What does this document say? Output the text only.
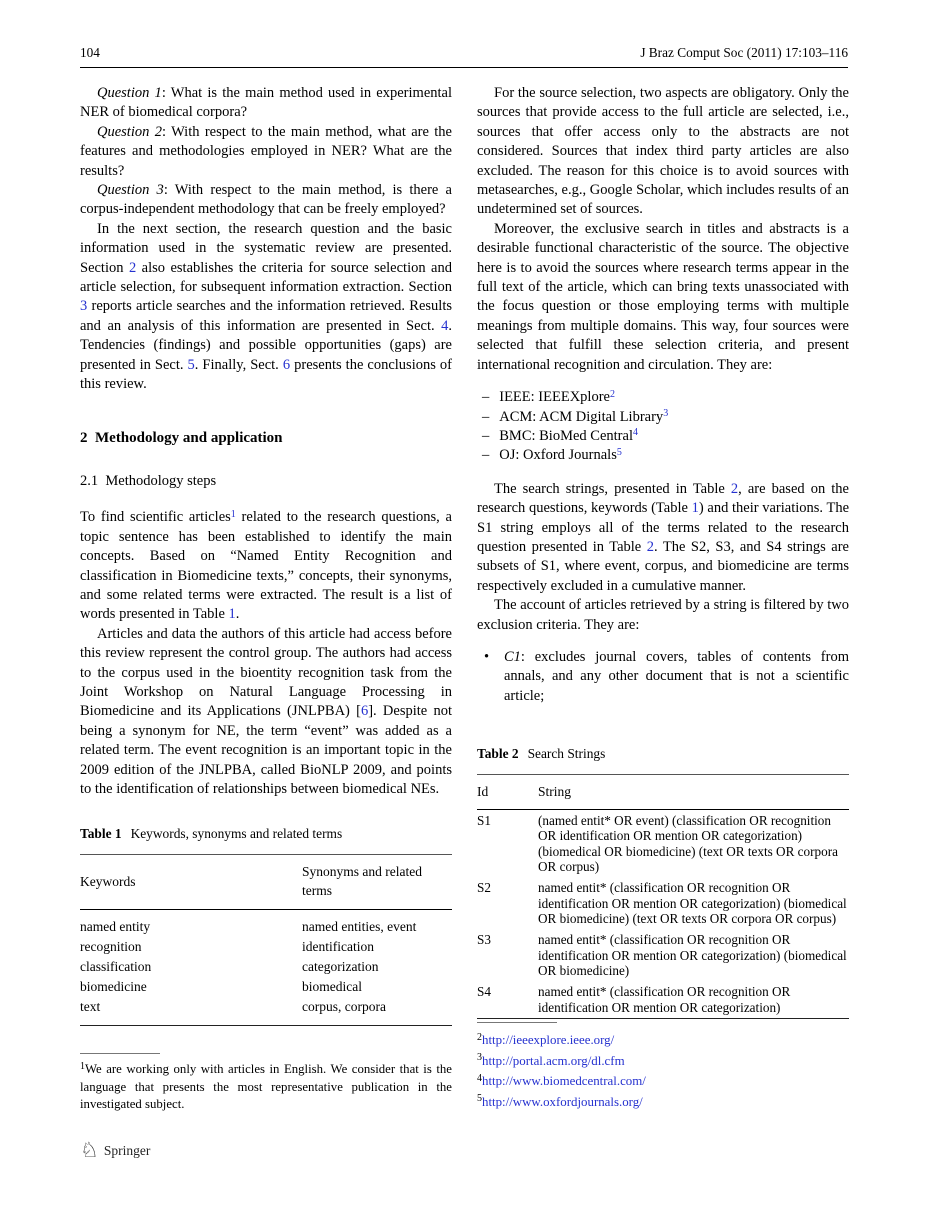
104	J Braz Comput Soc (2011) 17:103–116

Question 1: What is the main method used in experimental NER of biomedical corpora?

Question 2: With respect to the main method, what are the features and methodologies employed in NER? What are the results?

Question 3: With respect to the main method, is there a corpus-independent methodology that can be freely employed?

In the next section, the research question and the basic information used in the systematic review are presented. Section 2 also establishes the criteria for source selection and article selection, for subsequent information extraction. Section 3 reports article searches and the information retrieved. Results and an analysis of this information are presented in Sect. 4. Tendencies (findings) and possible opportunities (gaps) are presented in Sect. 5. Finally, Sect. 6 presents the conclusions of this review.

2 Methodology and application
2.1 Methodology steps

To find scientific articles$^1$ related to the research questions, a topic sentence has been established to identify the main concepts. Based on “Named Entity Recognition and classification in Biomedicine texts,” concepts, their synonyms, and some related terms were extracted. The result is a list of words presented in Table 1.

Articles and data the authors of this article had access before this review represent the control group. The authors had access to the corpus used in the bioentity recognition task from the Joint Workshop on Natural Language Processing in Biomedicine and its Applications (JNLPBA) [6]. Despite not being a synonym for NE, the term “event” was added as a related term. The event recognition is an important topic in the 2009 edition of the JNLPBA, called BioNLP 2009, and points to the identification of relationships between biomedical NEs.

Table 1 Keywords, synonyms and related terms
Keywords	Synonyms and related terms
named entity	named entities, event
recognition	identification
classification	categorization
biomedicine	biomedical
text	corpus, corpora

For the source selection, two aspects are obligatory. Only the sources that provide access to the full article are selected, i.e., sources that offer access only to the abstracts are not considered. Sources that index third party articles are also excluded. The reason for this choice is to avoid sources with metasearches, e.g., Google Scholar, which includes results of an undetermined set of sources.

Moreover, the exclusive search in titles and abstracts is a desirable functional characteristic of the source. The objective here is to avoid the sources where research terms appear in the full text of the article, which can bring texts unassociated with the focus question or those employing terms with multiple meanings from multiple domains. This way, four sources were selected that fulfill these selection criteria, and present international recognition and circulation. They are:

– IEEE: IEEEXplore$^2$
– ACM: ACM Digital Library$^3$
– BMC: BioMed Central$^4$
– OJ: Oxford Journals$^5$

The search strings, presented in Table 2, are based on the research questions, keywords (Table 1) and their variations. The S1 string employs all of the terms related to the research question presented in Table 2. The S2, S3, and S4 strings are subsets of S1, where event, corpus, and biomedicine are terms respectively excluded in a cumulative manner.

The account of articles retrieved by a string is filtered by two exclusion criteria. They are:

• C1: excludes journal covers, tables of contents from annals, and any other document that is not a scientific article;
Table 2 Search Strings
Id	String
S1	(named entit* OR event) (classification OR recognition OR identification OR mention OR categorization) (biomedical OR biomedicine) (text OR texts OR corpora OR corpus)
S2	named entit* (classification OR recognition OR identification OR mention OR categorization) (biomedical OR biomedicine) (text OR texts OR corpora OR corpus)
S3	named entit* (classification OR recognition OR identification OR mention OR categorization) (biomedical OR biomedicine)
S4	named entit* (classification OR recognition OR identification OR mention OR categorization)
$^1$We are working only with articles in English. We consider that is the language that presents the most representative publication in the investigated subject.
$^2$http://ieeexplore.ieee.org/
$^3$http://portal.acm.org/dl.cfm
$^4$http://www.biomedcentral.com/
$^5$http://www.oxfordjournals.org/
♘ Springer
